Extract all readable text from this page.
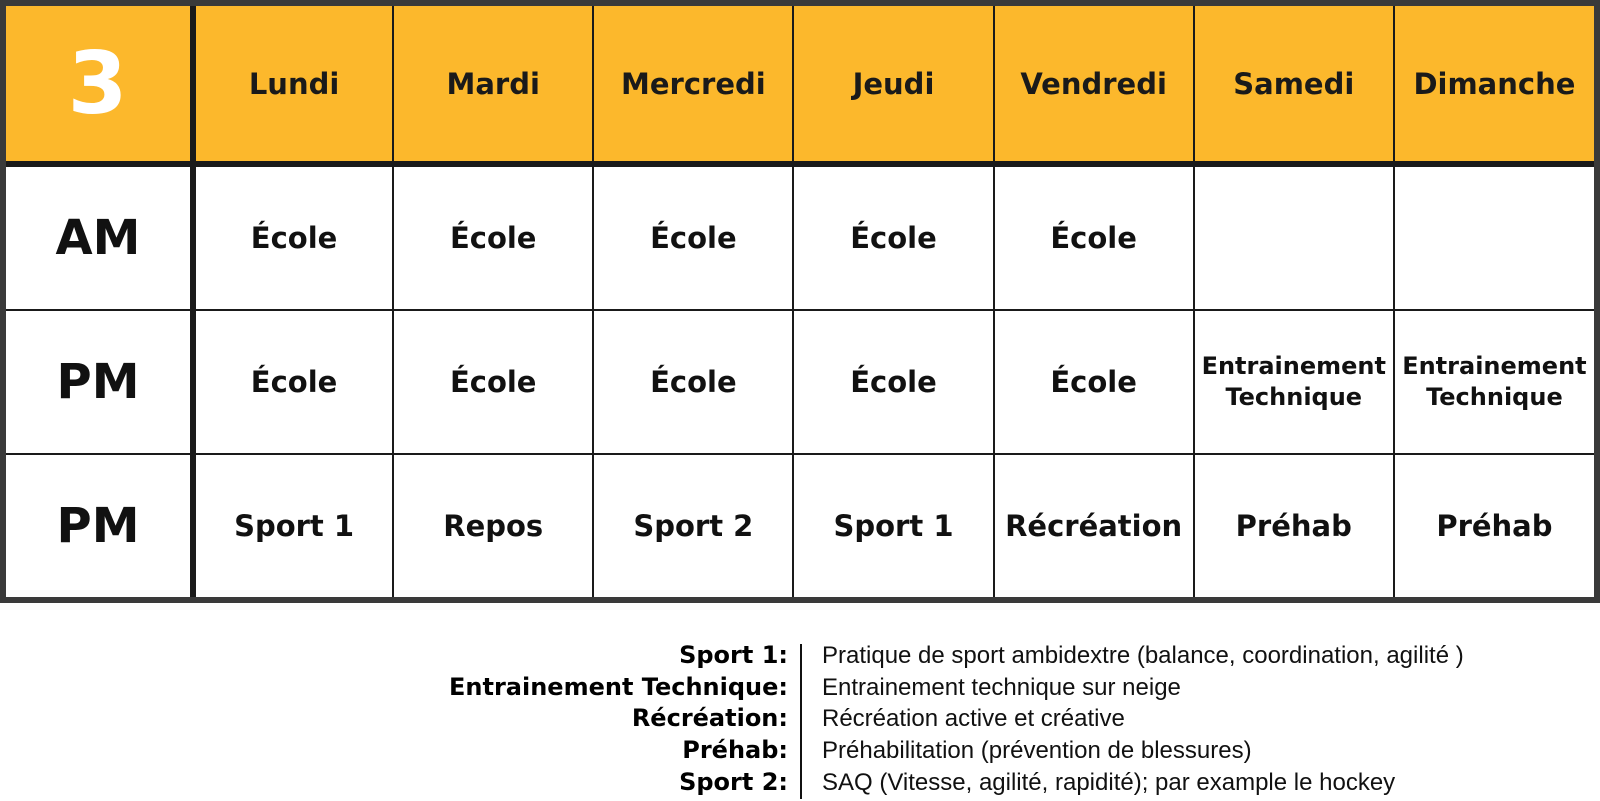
3	Lundi	Mardi	Mercredi	Jeudi	Vendredi	Samedi	Dimanche
AM	École	École	École	École	École		
PM	École	École	École	École	École	Entrainement Technique	Entrainement Technique
PM	Sport 1	Repos	Sport 2	Sport 1	Récréation	Préhab	Préhab
Sport 1: Pratique de sport ambidextre (balance, coordination, agilité )
Entrainement Technique: Entrainement technique sur neige
Récréation: Récréation active et créative
Préhab: Préhabilitation (prévention de blessures)
Sport 2: SAQ (Vitesse, agilité, rapidité); par example le hockey
